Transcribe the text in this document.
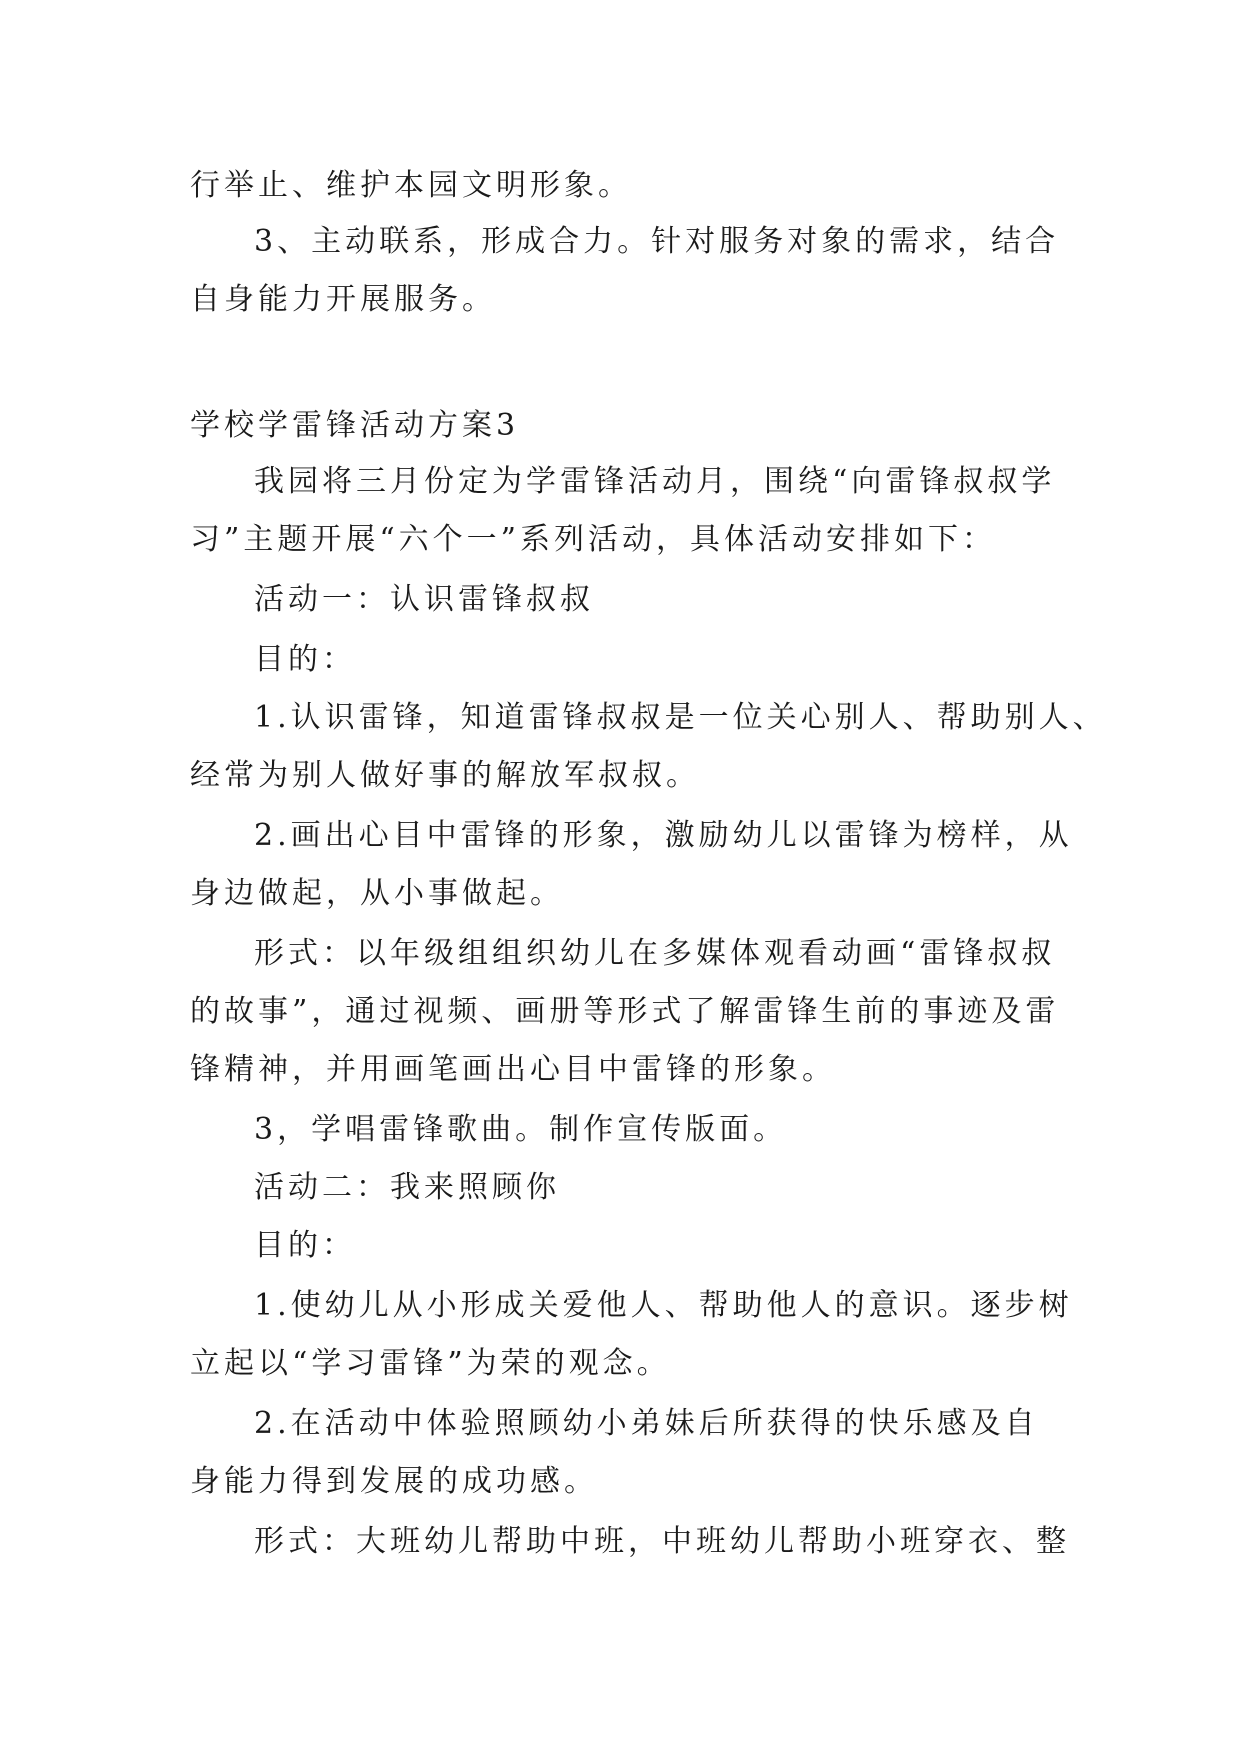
行举止、维护本园文明形象。

3、主动联系，形成合力。针对服务对象的需求，结合

自身能力开展服务。

学校学雷锋活动方案3

我园将三月份定为学雷锋活动月，围绕“向雷锋叔叔学

习”主题开展“六个一”系列活动，具体活动安排如下：

活动一：认识雷锋叔叔

目的：

1.认识雷锋，知道雷锋叔叔是一位关心别人、帮助别人、

经常为别人做好事的解放军叔叔。

2.画出心目中雷锋的形象，激励幼儿以雷锋为榜样，从

身边做起，从小事做起。

形式：以年级组组织幼儿在多媒体观看动画“雷锋叔叔

的故事”，通过视频、画册等形式了解雷锋生前的事迹及雷

锋精神，并用画笔画出心目中雷锋的形象。

3，学唱雷锋歌曲。制作宣传版面。

活动二：我来照顾你

目的：

1.使幼儿从小形成关爱他人、帮助他人的意识。逐步树

立起以“学习雷锋”为荣的观念。

2.在活动中体验照顾幼小弟妹后所获得的快乐感及自

身能力得到发展的成功感。

形式：大班幼儿帮助中班，中班幼儿帮助小班穿衣、整
